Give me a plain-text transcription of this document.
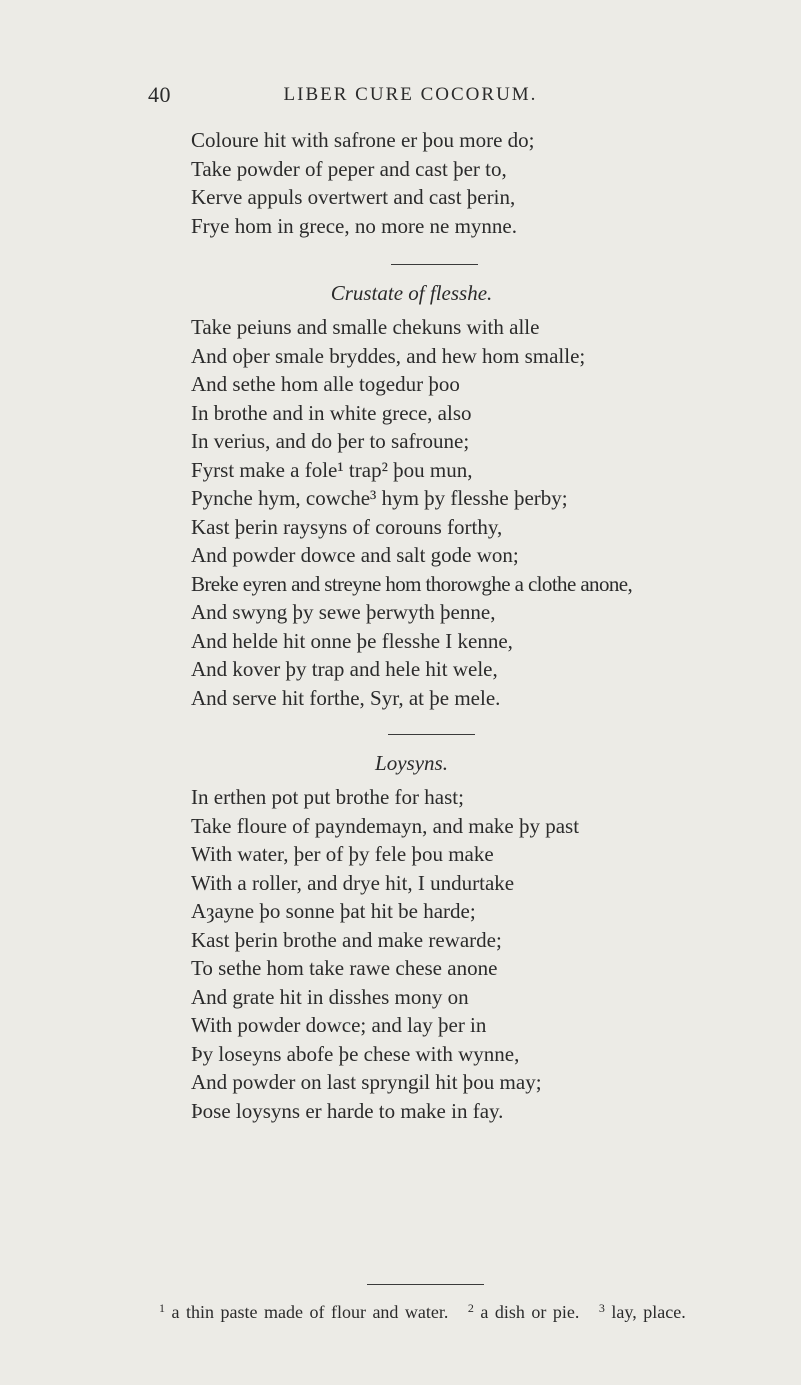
40	LIBER CURE COCORUM.
Coloure hit with safrone er þou more do;
Take powder of peper and cast þer to,
Kerve appuls overtwert and cast þerin,
Frye hom in grece, no more ne mynne.
Crustate of flesshe.
Take peiuns and smalle chekuns with alle
And oþer smale bryddes, and hew hom smalle;
And sethe hom alle togedur þoo
In brothe and in white grece, also
In verius, and do þer to safroune;
Fyrst make a fole¹ trap² þou mun,
Pynche hym, cowche³ hym þy flesshe þerby;
Kast þerin raysyns of corouns forthy,
And powder dowce and salt gode won;
Breke eyren and streyne hom thorowghe a clothe anone,
And swyng þy sewe þerwyth þenne,
And helde hit onne þe flesshe I kenne,
And kover þy trap and hele hit wele,
And serve hit forthe, Syr, at þe mele.
Loysyns.
In erthen pot put brothe for hast;
Take floure of payndemayn, and make þy past
With water, þer of þy fele þou make
With a roller, and drye hit, I undurtake
Aȝayne þo sonne þat hit be harde;
Kast þerin brothe and make rewarde;
To sethe hom take rawe chese anone
And grate hit in disshes mony on
With powder dowce; and lay þer in
Þy loseyns abofe þe chese with wynne,
And powder on last spryngil hit þou may;
Þose loysyns er harde to make in fay.
$^1$ a thin paste made of flour and water. $^2$ a dish or pie. $^3$ lay, place.
